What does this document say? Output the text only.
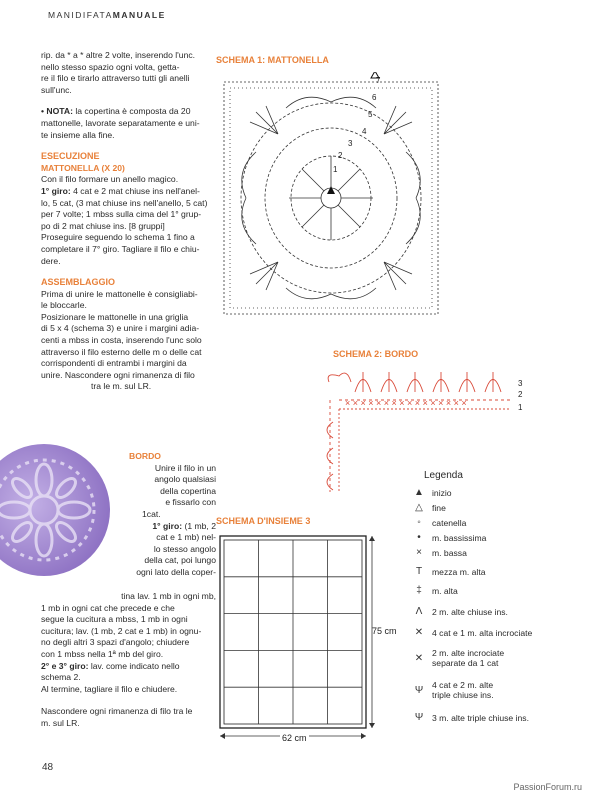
MANIDIFATAMANUALE

rip. da * a * altre 2 volte, inserendo l'unc.

nello stesso spazio ogni volta, getta-

re il filo e tirarlo attraverso tutti gli anelli

sull'unc.

• NOTA: la copertina è composta da 20

mattonelle, lavorate separatamente e uni-

te insieme alla fine.

ESECUZIONE

MATTONELLA (X 20)

Con il filo formare un anello magico.

1° giro: 4 cat e 2 mat chiuse ins nell'anel-

lo, 5 cat, (3 mat chiuse ins nell'anello, 5 cat)

per 7 volte; 1 mbss sulla cima del 1° grup-

po di 2 mat chiuse ins. [8 gruppi]

Proseguire seguendo lo schema 1 fino a

completare il 7° giro. Tagliare il filo e chiu-

dere.

ASSEMBLAGGIO

Prima di unire le mattonelle è consigliabi-

le bloccarle.

Posizionare le mattonelle in una griglia

di 5 x 4 (schema 3) e unire i margini adia-

centi a mbss in costa, inserendo l'unc solo

attraverso il filo esterno delle m o delle cat

corrispondenti di entrambi i margini da

unire. Nascondere ogni rimanenza di filo

tra le m. sul LR.

BORDO
Unire il filo in un
angolo qualsiasi
della copertina
e fissarlo con
1cat.
1° giro: (1 mb, 2
cat e 1 mb) nel-
lo stesso angolo
della cat, poi lungo
ogni lato della coper-
tina lav. 1 mb in ogni mb,
1 mb in ogni cat che precede e che
segue la cucitura a mbss, 1 mb in ogni
cucitura; lav. (1 mb, 2 cat e 1 mb) in ognu-
no degli altri 3 spazi d'angolo; chiudere
con 1 mbss nella 1ª mb del giro.
2° e 3° giro: lav. come indicato nello
schema 2.
Al termine, tagliare il filo e chiudere.
Nascondere ogni rimanenza di filo tra le
m. sul LR.
SCHEMA 1: MATTONELLA
7
6
5
4
3
2
1
SCHEMA 2: BORDO
× × × × × × × × × × × × × × × ×
3
2
1
SCHEMA D'INSIEME 3
62 cm
75 cm
Legenda
▲ inizio
△	fine
◦	catenella
•	m. bassissima
×	m. bassa
T	mezza m. alta
‡	m. alta
Λ	2 m. alte chiuse ins.
✕	4 cat e 1 m. alta incrociate
✕	2 m. alte incrociate
separate da 1 cat
Ψ	4 cat e 2 m. alte
triple chiuse ins.
Ψ	3 m. alte triple chiuse ins.
48
PassionForum.ru
